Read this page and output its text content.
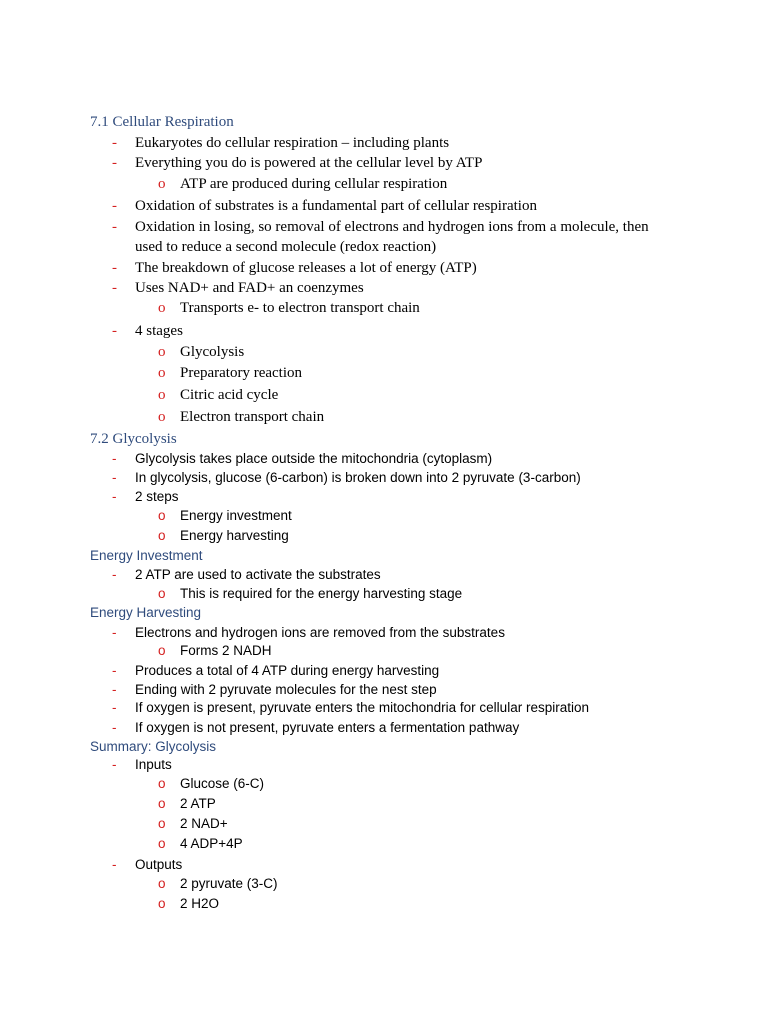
7.1 Cellular Respiration
- Eukaryotes do cellular respiration – including plants
- Everything you do is powered at the cellular level by ATP
o ATP are produced during cellular respiration
- Oxidation of substrates is a fundamental part of cellular respiration
- Oxidation in losing, so removal of electrons and hydrogen ions from a molecule, then
used to reduce a second molecule (redox reaction)
- The breakdown of glucose releases a lot of energy (ATP)
- Uses NAD+ and FAD+ an coenzymes
o Transports e- to electron transport chain
- 4 stages
o Glycolysis
o Preparatory reaction
o Citric acid cycle
o Electron transport chain
7.2 Glycolysis
- Glycolysis takes place outside the mitochondria (cytoplasm)
- In glycolysis, glucose (6-carbon) is broken down into 2 pyruvate (3-carbon)
- 2 steps
o Energy investment
o Energy harvesting
Energy Investment
- 2 ATP are used to activate the substrates
o This is required for the energy harvesting stage
Energy Harvesting
- Electrons and hydrogen ions are removed from the substrates
o Forms 2 NADH
- Produces a total of 4 ATP during energy harvesting
- Ending with 2 pyruvate molecules for the nest step
- If oxygen is present, pyruvate enters the mitochondria for cellular respiration
- If oxygen is not present, pyruvate enters a fermentation pathway
Summary: Glycolysis
- Inputs
o Glucose (6-C)
o 2 ATP
o 2 NAD+
o 4 ADP+4P
- Outputs
o 2 pyruvate (3-C)
o 2 H2O
